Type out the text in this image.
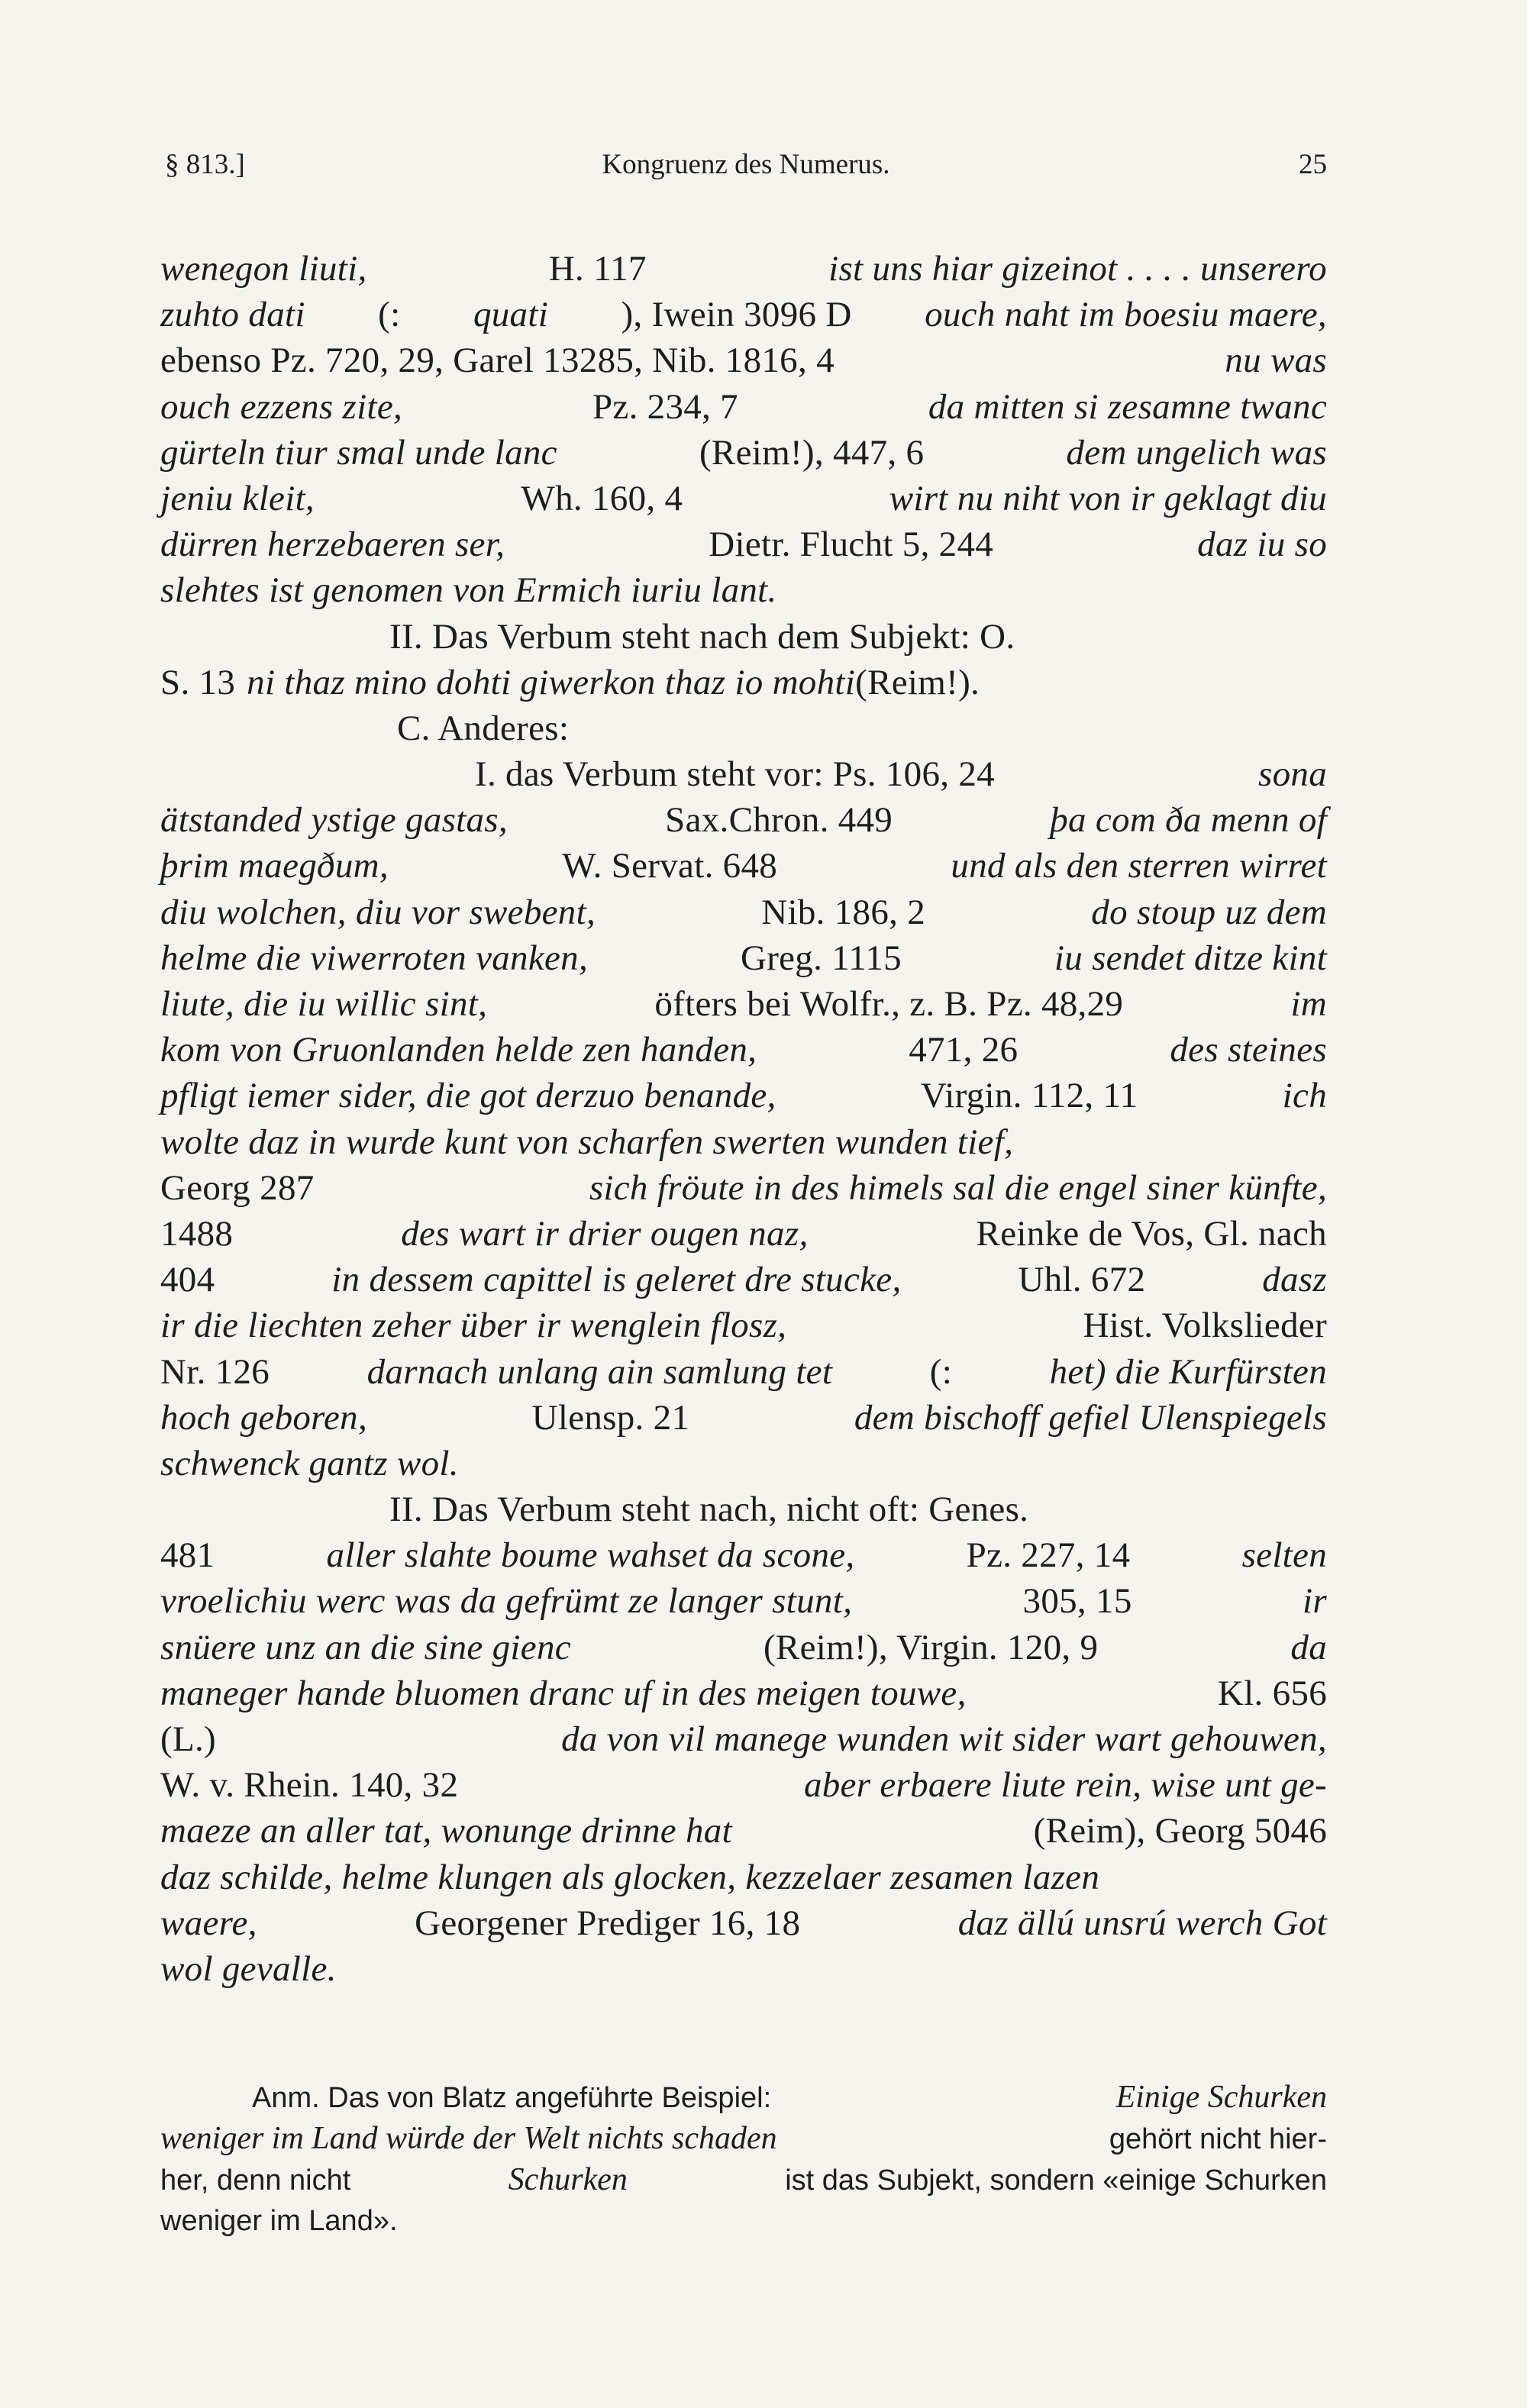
§ 813.]	Kongruenz des Numerus.	25
wenegon liuti,	H. 117	ist uns hiar gizeinot . . . . unserero
zuhto dati (: quati ), Iwein 3096 D ouch naht im boesiu maere,
ebenso Pz. 720, 29, Garel 13285, Nib. 1816, 4	nu was
ouch ezzens zite,	Pz. 234, 7	da mitten si zesamne twanc
gürteln tiur smal unde lanc	(Reim!), 447, 6	dem ungelich was
jeniu kleit,	Wh. 160, 4	wirt nu niht von ir geklagt diu
dürren herzebaeren ser,	Dietr. Flucht 5, 244	daz iu so
slehtes ist genomen von Ermich iuriu lant.
II. Das Verbum steht nach dem Subjekt: O.
S. 13 ni thaz mino dohti giwerkon thaz io mohti (Reim!).
C. Anderes:
I. das Verbum steht vor: Ps. 106, 24	sona
ätstanded ystige gastas,	Sax.Chron. 449	þa com ða menn of
þrim maegðum,	W. Servat. 648	und als den sterren wirret
diu wolchen, diu vor swebent,	Nib. 186, 2	do stoup uz dem
helme die viwerroten vanken,	Greg. 1115	iu sendet ditze kint
liute, die iu willic sint,	öfters bei Wolfr., z. B. Pz. 48,29	im
kom von Gruonlanden helde zen handen,	471, 26	des steines
pfligt iemer sider, die got derzuo benande,	Virgin. 112, 11	ich
wolte daz in wurde kunt von scharfen swerten wunden tief,
Georg 287	sich fröute in des himels sal die engel siner künfte,
1488	des wart ir drier ougen naz,	Reinke de Vos, Gl. nach
404	in dessem capittel is geleret dre stucke,	Uhl. 672	dasz
ir die liechten zeher über ir wenglein flosz,	Hist. Volkslieder
Nr. 126	darnach unlang ain samlung tet	(:	het) die Kurfürsten
hoch geboren,	Ulensp. 21	dem bischoff gefiel Ulenspiegels
schwenck gantz wol.
II. Das Verbum steht nach, nicht oft: Genes.
481	aller slahte boume wahset da scone,	Pz. 227, 14	selten
vroelichiu werc was da gefrümt ze langer stunt,	305, 15	ir
snüere unz an die sine gienc	(Reim!), Virgin. 120, 9	da
maneger hande bluomen dranc uf in des meigen touwe,	Kl. 656
(L.)	da von vil manege wunden wit sider wart gehouwen,
W. v. Rhein. 140, 32	aber erbaere liute rein, wise unt ge-
maeze an aller tat, wonunge drinne hat	(Reim), Georg 5046
daz schilde, helme klungen als glocken, kezzelaer zesamen lazen
waere,	Georgener Prediger 16, 18	daz ällú unsrú werch Got
wol gevalle.
Anm. Das von Blatz angeführte Beispiel:	Einige Schurken
weniger im Land würde der Welt nichts schaden	gehört nicht hier-
her, denn nicht	Schurken	ist das Subjekt, sondern «einige Schurken
weniger im Land».
